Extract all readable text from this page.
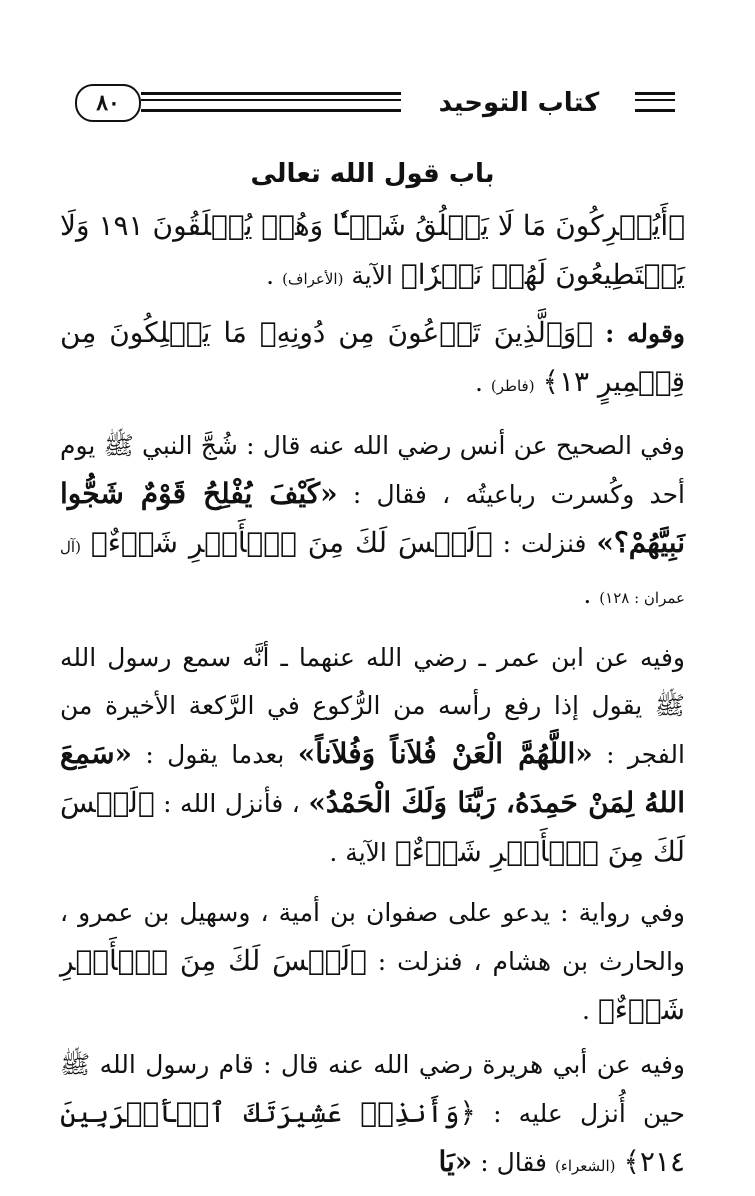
٨٠	كتاب التوحيد
باب قول الله تعالى

﴿أَيُشۡرِكُونَ مَا لَا يَخۡلُقُ شَيۡـٔٗا وَهُمۡ يُخۡلَقُونَ ١٩١ وَلَا يَسۡتَطِيعُونَ لَهُمۡ نَصۡرٗا﴾ الآية (الأعراف) .

وقوله : ﴿وَٱلَّذِينَ تَدۡعُونَ مِن دُونِهِۦ مَا يَمۡلِكُونَ مِن قِطۡمِيرٍ ١٣﴾ (فاطر) .

وفي الصحيح عن أنس رضي الله عنه قال : شُجَّ النبي ﷺ يوم أحد وكُسرت رباعيتُه ، فقال : «كَيْفَ يُفْلِحُ قَوْمٌ شَجُّوا نَبِيَّهُمْ؟» فنزلت : ﴿لَيۡسَ لَكَ مِنَ ٱلۡأَمۡرِ شَيۡءٌ﴾ (آل عمران : ١٢٨) .

وفيه عن ابن عمر ـ رضي الله عنهما ـ أنَّه سمع رسول الله ﷺ يقول إذا رفع رأسه من الرُّكوع في الرَّكعة الأخيرة من الفجر : «اللَّهُمَّ الْعَنْ فُلاَناً وَفُلاَناً» بعدما يقول : «سَمِعَ اللهُ لِمَنْ حَمِدَهُ، رَبَّنَا وَلَكَ الْحَمْدُ» ، فأنزل الله : ﴿لَيۡسَ لَكَ مِنَ ٱلۡأَمۡرِ شَيۡءٌ﴾ الآية .

وفي رواية : يدعو على صفوان بن أمية ، وسهيل بن عمرو ، والحارث بن هشام ، فنزلت : ﴿لَيۡسَ لَكَ مِنَ ٱلۡأَمۡرِ شَيۡءٌ﴾ .

وفيه عن أبي هريرة رضي الله عنه قال : قام رسول الله ﷺ حين أُنزل عليه : ﴿وَأَنذِرۡ عَشِيرَتَكَ ٱلۡأَقۡرَبِينَ ٢١٤﴾ (الشعراء) فقال : «يَا
